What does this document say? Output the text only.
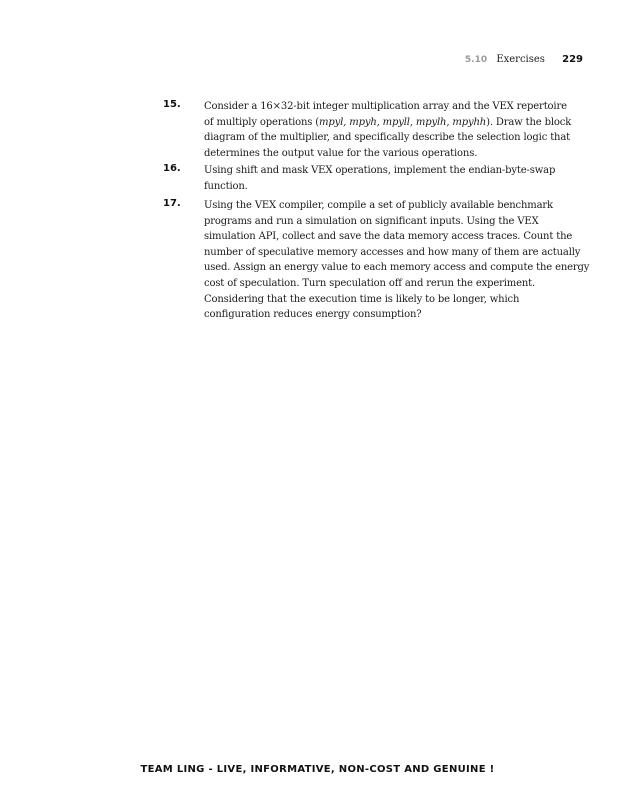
5.10 Exercises 229
15. Consider a 16×32-bit integer multiplication array and the VEX repertoire
of multiply operations (mpyl, mpyh, mpyll, mpylh, mpyhh). Draw the block
diagram of the multiplier, and specifically describe the selection logic that
determines the output value for the various operations.

16. Using shift and mask VEX operations, implement the endian-byte-swap
function.

17. Using the VEX compiler, compile a set of publicly available benchmark
programs and run a simulation on significant inputs. Using the VEX
simulation API, collect and save the data memory access traces. Count the
number of speculative memory accesses and how many of them are actually
used. Assign an energy value to each memory access and compute the energy
cost of speculation. Turn speculation off and rerun the experiment.
Considering that the execution time is likely to be longer, which
configuration reduces energy consumption?

TEAM LING - LIVE, INFORMATIVE, NON-COST AND GENUINE !
